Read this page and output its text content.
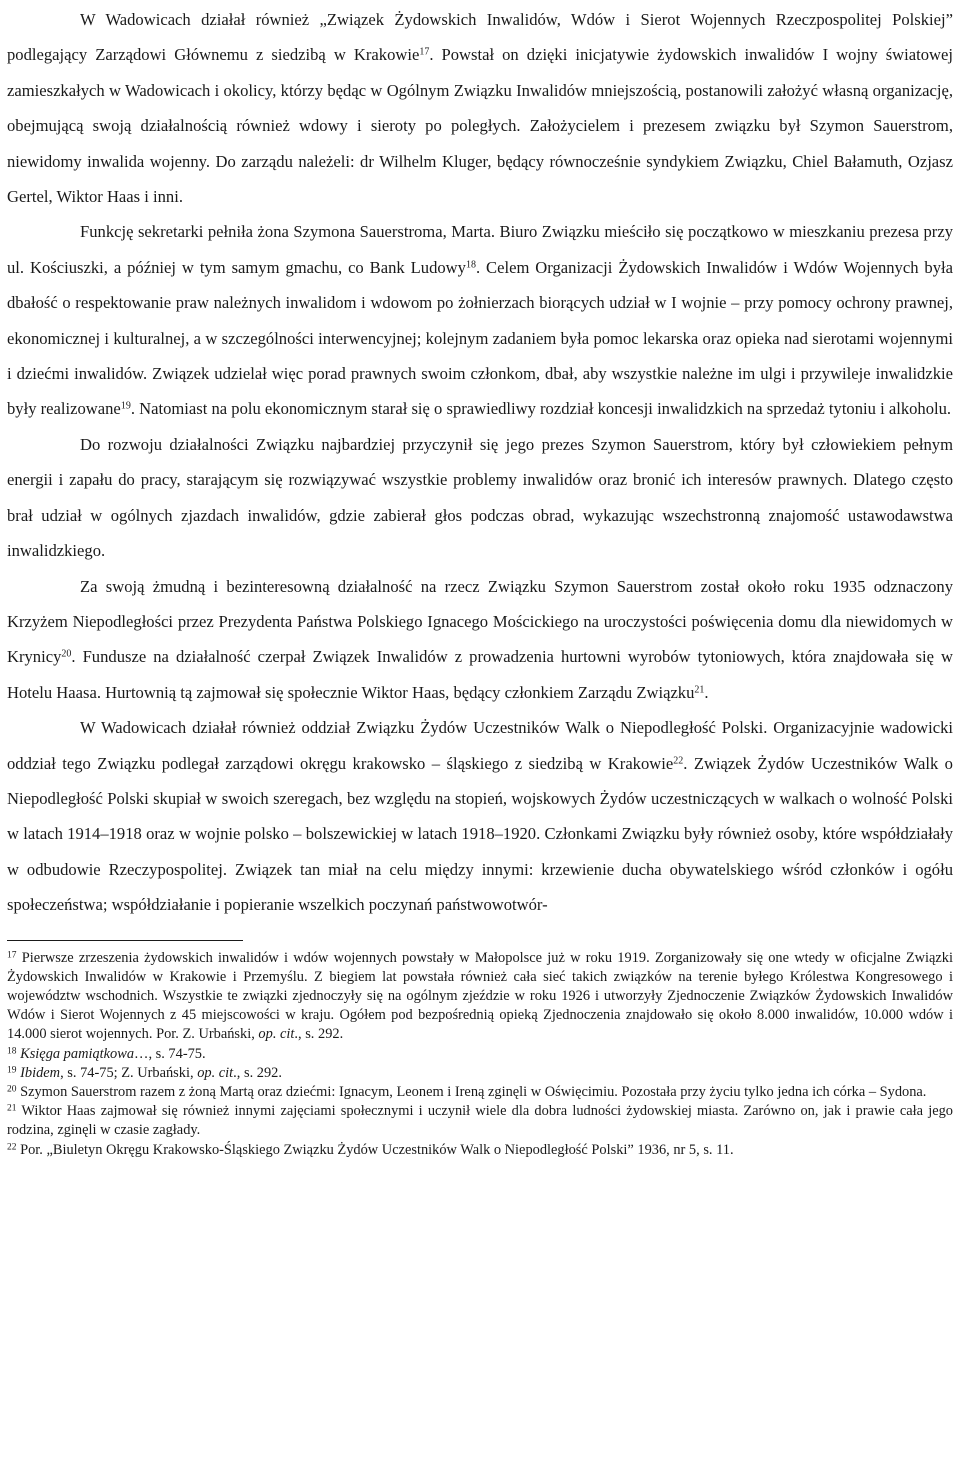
W Wadowicach działał również „Związek Żydowskich Inwalidów, Wdów i Sierot Wojennych Rzeczpospolitej Polskiej” podlegający Zarządowi Głównemu z siedzibą w Krakowie$^{17}$. Powstał on dzięki inicjatywie żydowskich inwalidów I wojny światowej zamieszkałych w Wadowicach i okolicy, którzy będąc w Ogólnym Związku Inwalidów mniejszością, postanowili założyć własną organizację, obejmującą swoją działalnością również wdowy i sieroty po poległych. Założycielem i prezesem związku był Szymon Sauerstrom, niewidomy inwalida wojenny. Do zarządu należeli: dr Wilhelm Kluger, będący równocześnie syndykiem Związku, Chiel Bałamuth, Ozjasz Gertel, Wiktor Haas i inni.

Funkcję sekretarki pełniła żona Szymona Sauerstroma, Marta. Biuro Związku mieściło się początkowo w mieszkaniu prezesa przy ul. Kościuszki, a później w tym samym gmachu, co Bank Ludowy$^{18}$. Celem Organizacji Żydowskich Inwalidów i Wdów Wojennych była dbałość o respektowanie praw należnych inwalidom i wdowom po żołnierzach biorących udział w I wojnie – przy pomocy ochrony prawnej, ekonomicznej i kulturalnej, a w szczególności interwencyjnej; kolejnym zadaniem była pomoc lekarska oraz opieka nad sierotami wojennymi i dziećmi inwalidów. Związek udzielał więc porad prawnych swoim członkom, dbał, aby wszystkie należne im ulgi i przywileje inwalidzkie były realizowane$^{19}$. Natomiast na polu ekonomicznym starał się o sprawiedliwy rozdział koncesji inwalidzkich na sprzedaż tytoniu i alkoholu.

Do rozwoju działalności Związku najbardziej przyczynił się jego prezes Szymon Sauerstrom, który był człowiekiem pełnym energii i zapału do pracy, starającym się rozwiązywać wszystkie problemy inwalidów oraz bronić ich interesów prawnych. Dlatego często brał udział w ogólnych zjazdach inwalidów, gdzie zabierał głos podczas obrad, wykazując wszechstronną znajomość ustawodawstwa inwalidzkiego.

Za swoją żmudną i bezinteresowną działalność na rzecz Związku Szymon Sauerstrom został około roku 1935 odznaczony Krzyżem Niepodległości przez Prezydenta Państwa Polskiego Ignacego Mościckiego na uroczystości poświęcenia domu dla niewidomych w Krynicy$^{20}$. Fundusze na działalność czerpał Związek Inwalidów z prowadzenia hurtowni wyrobów tytoniowych, która znajdowała się w Hotelu Haasa. Hurtownią tą zajmował się społecznie Wiktor Haas, będący członkiem Zarządu Związku$^{21}$.

W Wadowicach działał również oddział Związku Żydów Uczestników Walk o Niepodległość Polski. Organizacyjnie wadowicki oddział tego Związku podlegał zarządowi okręgu krakowsko – śląskiego z siedzibą w Krakowie$^{22}$. Związek Żydów Uczestników Walk o Niepodległość Polski skupiał w swoich szeregach, bez względu na stopień, wojskowych Żydów uczestniczących w walkach o wolność Polski w latach 1914–1918 oraz w wojnie polsko – bolszewickiej w latach 1918–1920. Członkami Związku były również osoby, które współdziałały w odbudowie Rzeczypospolitej. Związek tan miał na celu między innymi: krzewienie ducha obywatelskiego wśród członków i ogółu społeczeństwa; współdziałanie i popieranie wszelkich poczynań państwowotwór-

$^{17}$ Pierwsze zrzeszenia żydowskich inwalidów i wdów wojennych powstały w Małopolsce już w roku 1919. Zorganizowały się one wtedy w oficjalne Związki Żydowskich Inwalidów w Krakowie i Przemyślu. Z biegiem lat powstała również cała sieć takich związków na terenie byłego Królestwa Kongresowego i województw wschodnich. Wszystkie te związki zjednoczyły się na ogólnym zjeździe w roku 1926 i utworzyły Zjednoczenie Związków Żydowskich Inwalidów Wdów i Sierot Wojennych z 45 miejscowości w kraju. Ogółem pod bezpośrednią opieką Zjednoczenia znajdowało się około 8.000 inwalidów, 10.000 wdów i 14.000 sierot wojennych. Por. Z. Urbański, op. cit., s. 292.

$^{18}$ Księga pamiątkowa…, s. 74-75.

$^{19}$ Ibidem, s. 74-75; Z. Urbański, op. cit., s. 292.

$^{20}$ Szymon Sauerstrom razem z żoną Martą oraz dziećmi: Ignacym, Leonem i Ireną zginęli w Oświęcimiu. Pozostała przy życiu tylko jedna ich córka – Sydona.

$^{21}$ Wiktor Haas zajmował się również innymi zajęciami społecznymi i uczynił wiele dla dobra ludności żydowskiej miasta. Zarówno on, jak i prawie cała jego rodzina, zginęli w czasie zagłady.

$^{22}$ Por. „Biuletyn Okręgu Krakowsko-Śląskiego Związku Żydów Uczestników Walk o Niepodległość Polski” 1936, nr 5, s. 11.
